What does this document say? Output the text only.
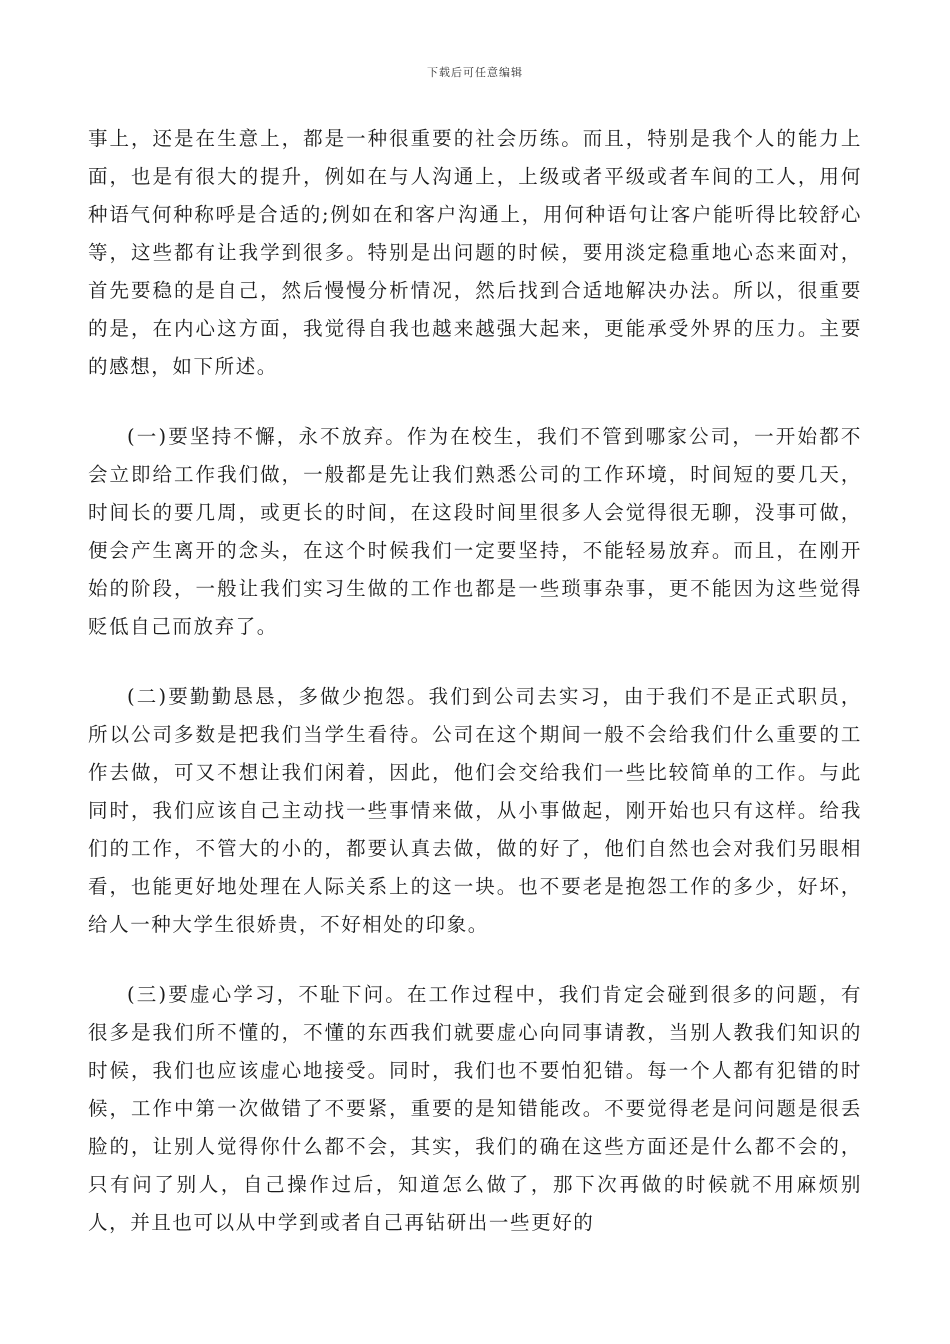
下载后可任意编辑

事上，还是在生意上，都是一种很重要的社会历练。而且，特别是我个人的能力上面，也是有很大的提升，例如在与人沟通上，上级或者平级或者车间的工人，用何种语气何种称呼是合适的;例如在和客户沟通上，用何种语句让客户能听得比较舒心等，这些都有让我学到很多。特别是出问题的时候，要用淡定稳重地心态来面对，首先要稳的是自己，然后慢慢分析情况，然后找到合适地解决办法。所以，很重要的是，在内心这方面，我觉得自我也越来越强大起来，更能承受外界的压力。主要的感想，如下所述。

(一)要坚持不懈，永不放弃。作为在校生，我们不管到哪家公司，一开始都不会立即给工作我们做，一般都是先让我们熟悉公司的工作环境，时间短的要几天，时间长的要几周，或更长的时间，在这段时间里很多人会觉得很无聊，没事可做，便会产生离开的念头，在这个时候我们一定要坚持，不能轻易放弃。而且，在刚开始的阶段，一般让我们实习生做的工作也都是一些琐事杂事，更不能因为这些觉得贬低自己而放弃了。

(二)要勤勤恳恳，多做少抱怨。我们到公司去实习，由于我们不是正式职员，所以公司多数是把我们当学生看待。公司在这个期间一般不会给我们什么重要的工作去做，可又不想让我们闲着，因此，他们会交给我们一些比较简单的工作。与此同时，我们应该自己主动找一些事情来做，从小事做起，刚开始也只有这样。给我们的工作，不管大的小的，都要认真去做，做的好了，他们自然也会对我们另眼相看，也能更好地处理在人际关系上的这一块。也不要老是抱怨工作的多少，好坏，给人一种大学生很娇贵，不好相处的印象。

(三)要虚心学习，不耻下问。在工作过程中，我们肯定会碰到很多的问题，有很多是我们所不懂的，不懂的东西我们就要虚心向同事请教，当别人教我们知识的时候，我们也应该虚心地接受。同时，我们也不要怕犯错。每一个人都有犯错的时候，工作中第一次做错了不要紧，重要的是知错能改。不要觉得老是问问题是很丢脸的，让别人觉得你什么都不会，其实，我们的确在这些方面还是什么都不会的，只有问了别人，自己操作过后，知道怎么做了，那下次再做的时候就不用麻烦别人，并且也可以从中学到或者自己再钻研出一些更好的
